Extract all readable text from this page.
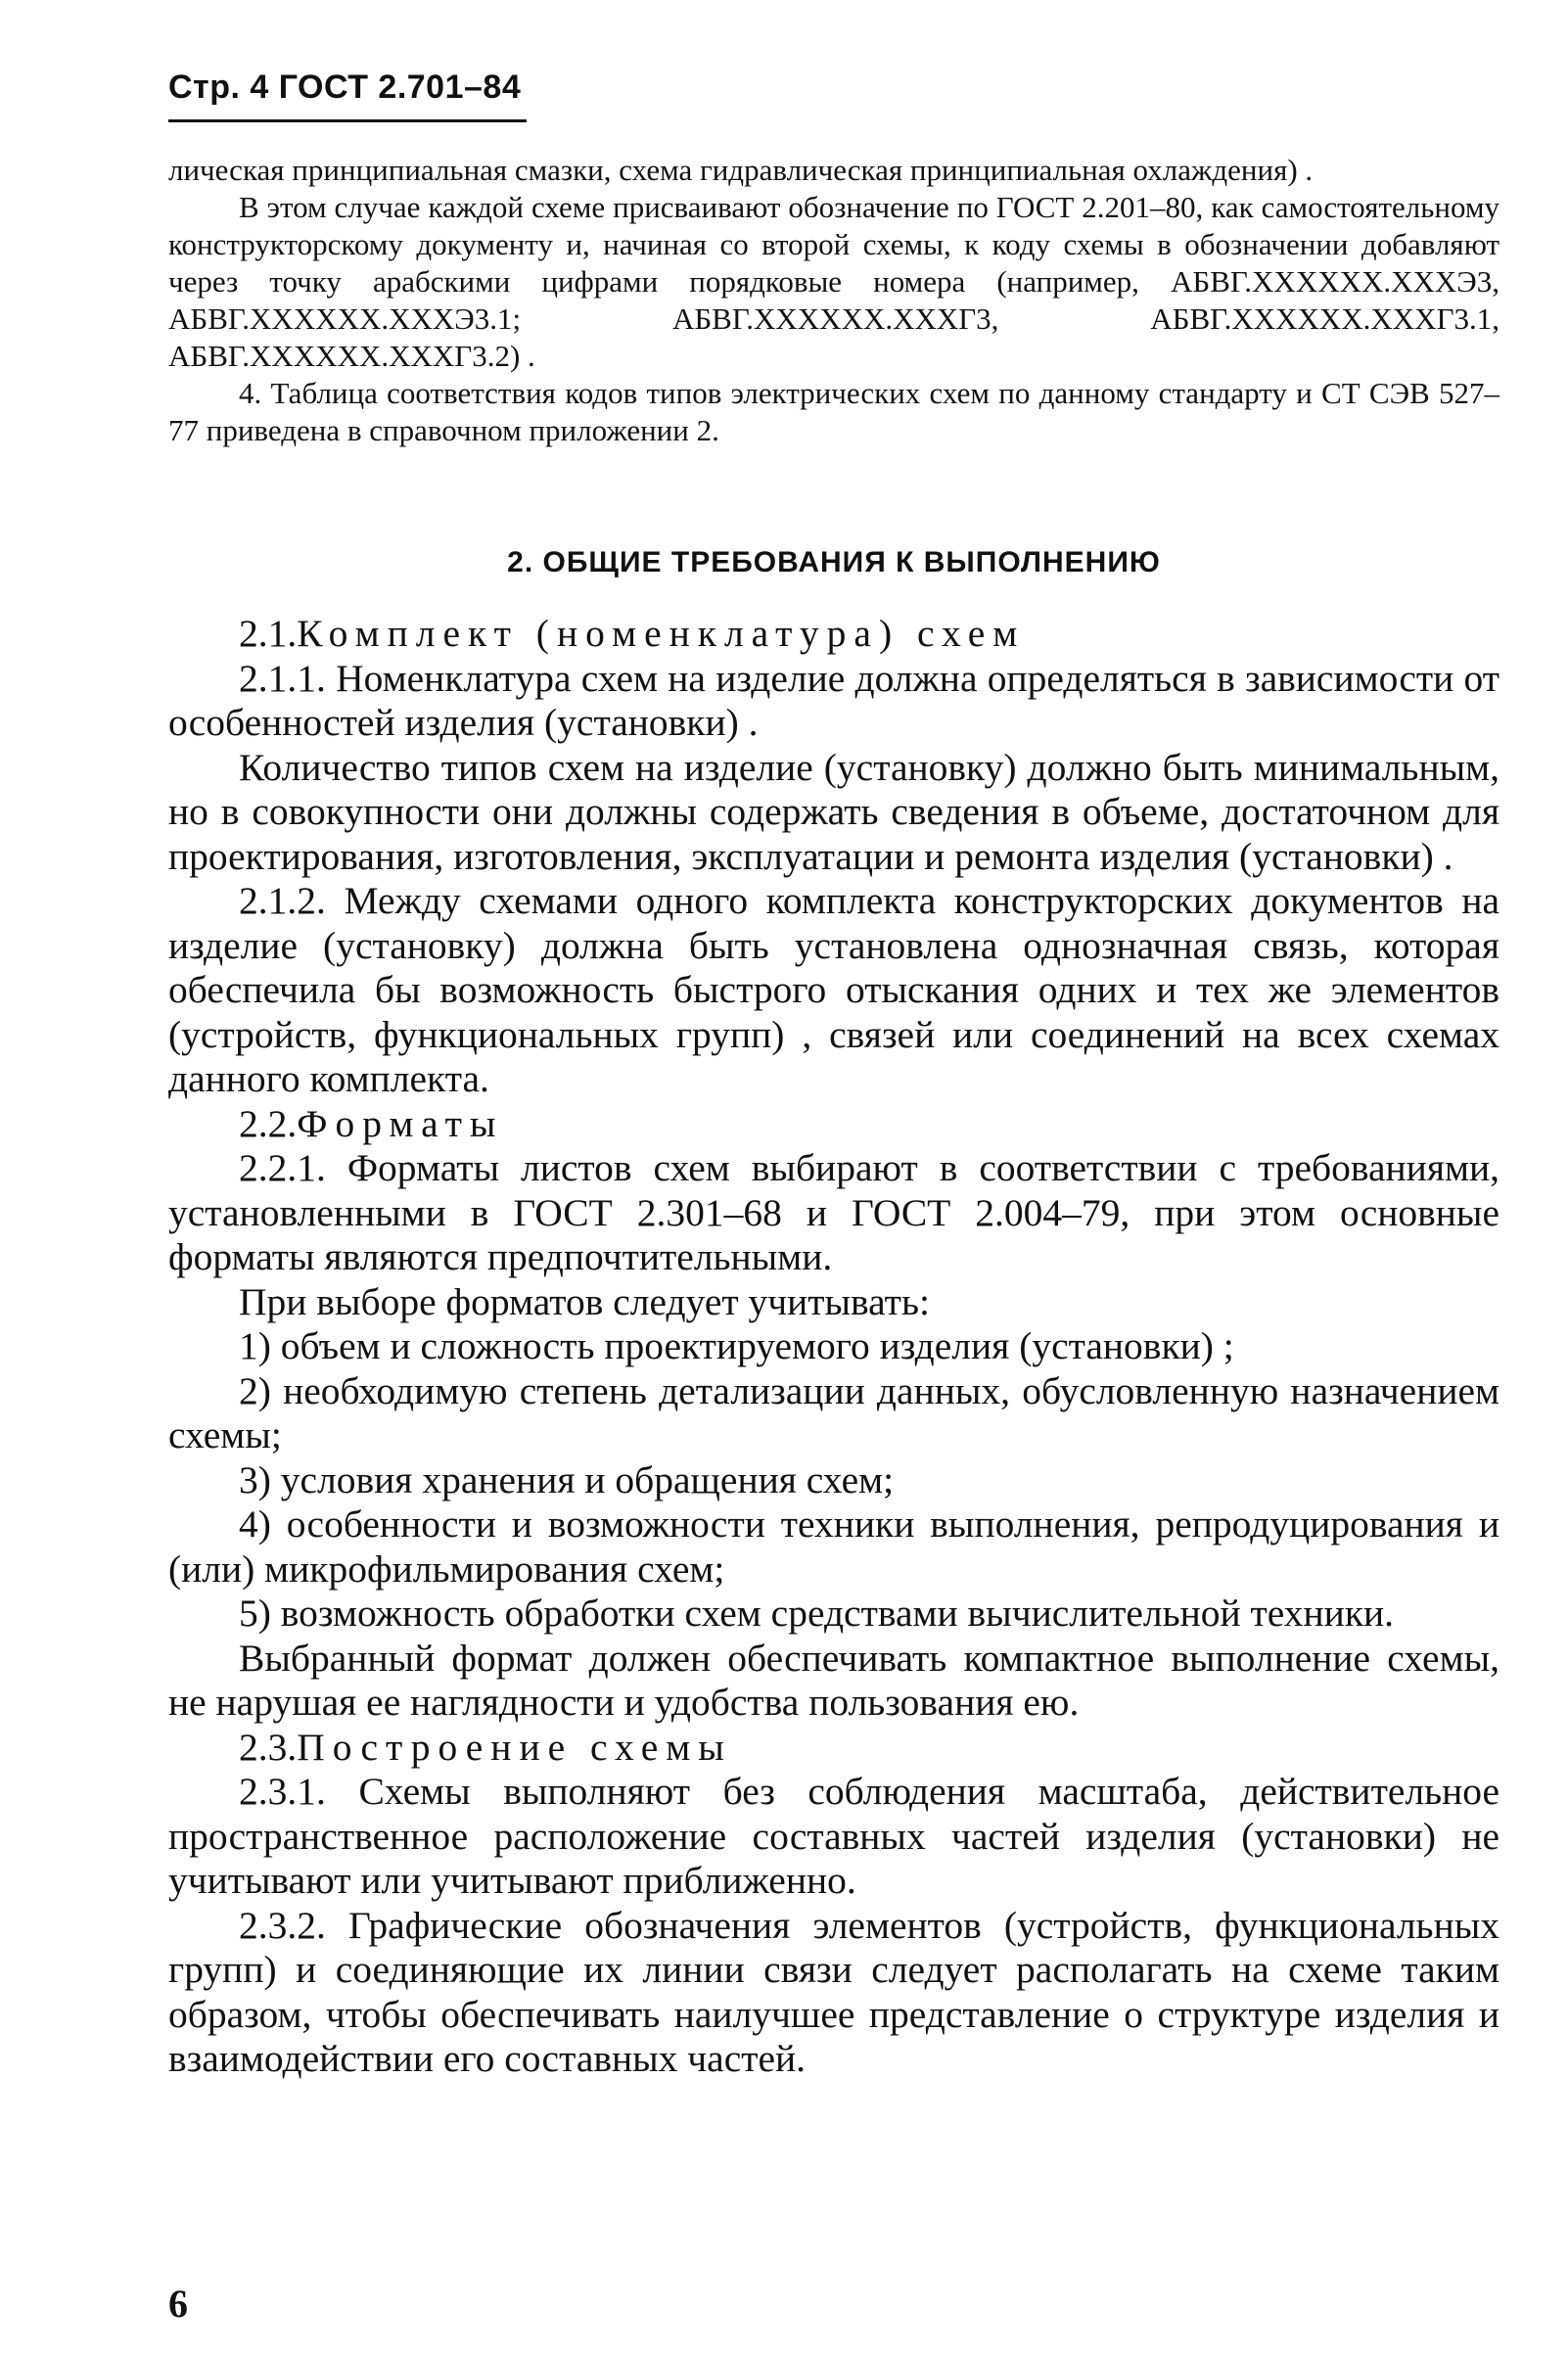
Стр. 4 ГОСТ 2.701–84

лическая принципиальная смазки, схема гидравлическая принципиальная охлаждения) .

В этом случае каждой схеме присваивают обозначение по ГОСТ 2.201–80, как самостоятельному конструкторскому документу и, начиная со второй схемы, к коду схемы в обозначении добавляют через точку арабскими цифрами порядковые номера (например, АБВГ.XXXXXX.XXXЭ3, АБВГ.XXXXXX.XXXЭ3.1; АБВГ.XXXXXX.XXXГ3, АБВГ.XXXXXX.XXXГ3.1, АБВГ.XXXXXX.XXXГ3.2) .

4. Таблица соответствия кодов типов электрических схем по данному стандарту и СТ СЭВ 527–77 приведена в справочном приложении 2.

2. ОБЩИЕ ТРЕБОВАНИЯ К ВЫПОЛНЕНИЮ

2.1.Комплект (номенклатура) схем

2.1.1. Номенклатура схем на изделие должна определяться в зависимости от особенностей изделия (установки) .

Количество типов схем на изделие (установку) должно быть минимальным, но в совокупности они должны содержать сведения в объеме, достаточном для проектирования, изготовления, эксплуатации и ремонта изделия (установки) .

2.1.2. Между схемами одного комплекта конструкторских документов на изделие (установку) должна быть установлена однозначная связь, которая обеспечила бы возможность быстрого отыскания одних и тех же элементов (устройств, функциональных групп) , связей или соединений на всех схемах данного комплекта.

2.2.Форматы

2.2.1. Форматы листов схем выбирают в соответствии с требованиями, установленными в ГОСТ 2.301–68 и ГОСТ 2.004–79, при этом основные форматы являются предпочтительными.

При выборе форматов следует учитывать:

1) объем и сложность проектируемого изделия (установки) ;

2) необходимую степень детализации данных, обусловленную назначением схемы;

3) условия хранения и обращения схем;

4) особенности и возможности техники выполнения, репродуцирования и (или) микрофильмирования схем;

5) возможность обработки схем средствами вычислительной техники.

Выбранный формат должен обеспечивать компактное выполнение схемы, не нарушая ее наглядности и удобства пользования ею.

2.3.Построение схемы

2.3.1. Схемы выполняют без соблюдения масштаба, действительное пространственное расположение составных частей изделия (установки) не учитывают или учитывают приближенно.

2.3.2. Графические обозначения элементов (устройств, функциональных групп) и соединяющие их линии связи следует располагать на схеме таким образом, чтобы обеспечивать наилучшее представление о структуре изделия и взаимодействии его составных частей.

6
